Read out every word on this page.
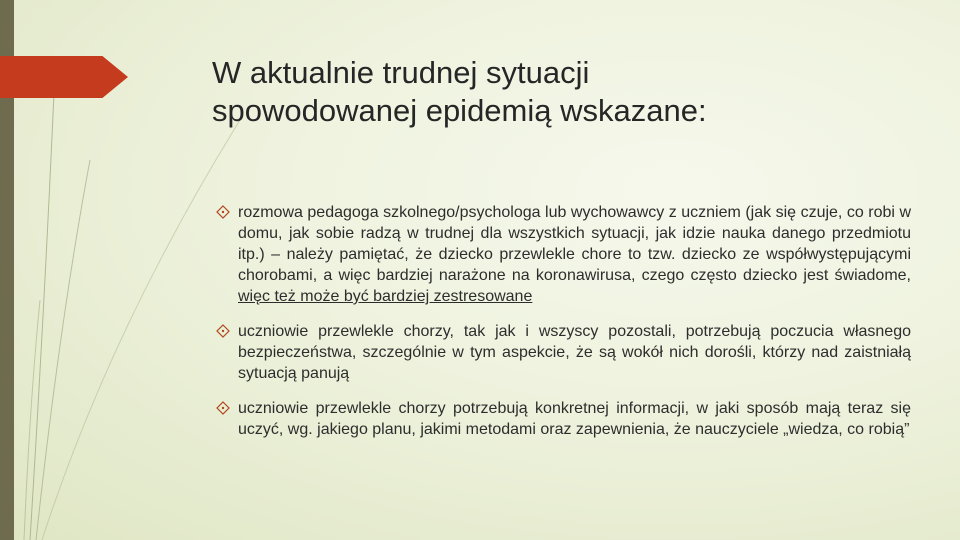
W aktualnie trudnej sytuacji
spowodowanej epidemią wskazane:
rozmowa pedagoga szkolnego/psychologa lub wychowawcy z uczniem (jak się czuje, co robi w domu, jak sobie radzą w trudnej dla wszystkich sytuacji, jak idzie nauka danego przedmiotu itp.) – należy pamiętać, że dziecko przewlekle chore to tzw. dziecko ze współwystępującymi chorobami, a więc bardziej narażone na koronawirusa, czego często dziecko jest świadome, więc też może być bardziej zestresowane
uczniowie przewlekle chorzy, tak jak i wszyscy pozostali, potrzebują poczucia własnego bezpieczeństwa, szczególnie w tym aspekcie, że są wokół nich dorośli, którzy nad zaistniałą sytuacją panują
uczniowie przewlekle chorzy potrzebują konkretnej informacji, w jaki sposób mają teraz się uczyć, wg. jakiego planu, jakimi metodami oraz zapewnienia, że nauczyciele „wiedza, co robią”
